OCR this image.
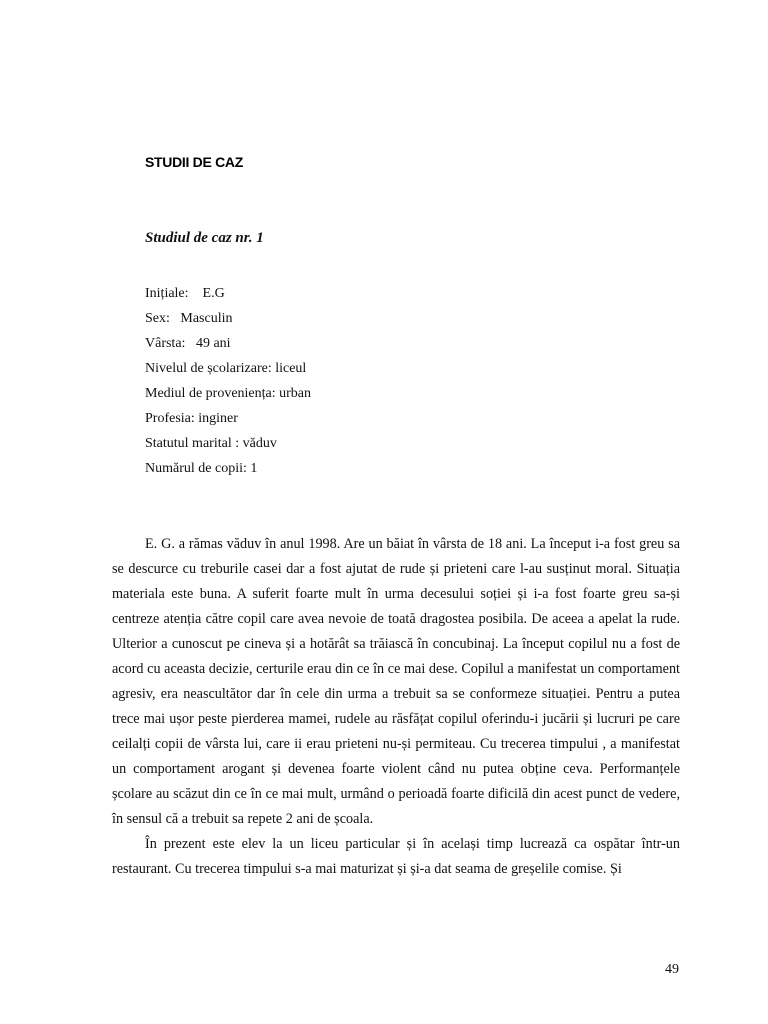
STUDII DE CAZ
Studiul de caz nr. 1
Inițiale: E.G
Sex: Masculin
Vârsta: 49 ani
Nivelul de școlarizare: liceul
Mediul de proveniența: urban
Profesia: inginer
Statutul marital : văduv
Numărul de copii: 1

E. G. a rămas văduv în anul 1998. Are un băiat în vârsta de 18 ani. La început i-a fost greu sa se descurce cu treburile casei dar a fost ajutat de rude și prieteni care l-au susținut moral. Situația materiala este buna. A suferit foarte mult în urma decesului soției și i-a fost foarte greu sa-și centreze atenția către copil care avea nevoie de toată dragostea posibila. De aceea a apelat la rude. Ulterior a cunoscut pe cineva și a hotărât sa trăiască în concubinaj. La început copilul nu a fost de acord cu aceasta decizie, certurile erau din ce în ce mai dese. Copilul a manifestat un comportament agresiv, era neascultător dar în cele din urma a trebuit sa se conformeze situației. Pentru a putea trece mai ușor peste pierderea mamei, rudele au răsfățat copilul oferindu-i jucării și lucruri pe care ceilalți copii de vârsta lui, care ii erau prieteni nu-și permiteau. Cu trecerea timpului , a manifestat un comportament arogant și devenea foarte violent când nu putea obține ceva. Performanțele școlare au scăzut din ce în ce mai mult, urmând o perioadă foarte dificilă din acest punct de vedere, în sensul că a trebuit sa repete 2 ani de școala.

În prezent este elev la un liceu particular și în același timp lucrează ca ospătar într-un restaurant. Cu trecerea timpului s-a mai maturizat și și-a dat seama de greșelile comise. Și

49
